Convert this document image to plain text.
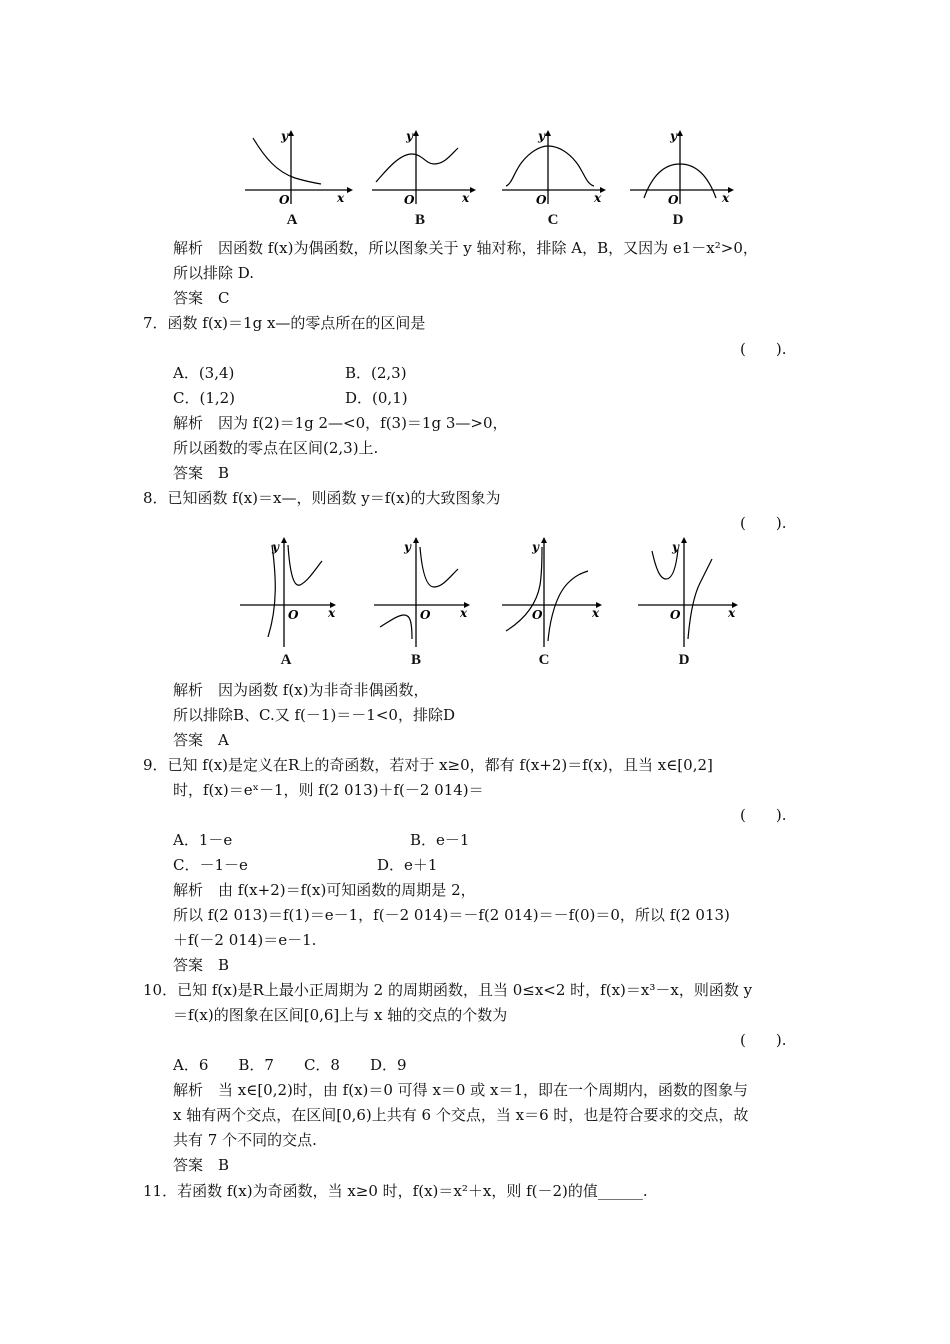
y
O	x
A
y
O	x
B
y
O	x
C
y
O	x
D
解析　因函数 f(x)为偶函数，所以图象关于 y 轴对称，排除 A，B，又因为 e1－x²>0，
所以排除 D.
答案　C
7．函数 f(x)＝1g x—的零点所在的区间是
(　　).
A．(3,4)	B．(2,3)
C．(1,2)	D．(0,1)
解析　因为 f(2)＝1g 2—<0，f(3)＝1g 3—>0，
所以函数的零点在区间(2,3)上.
答案　B
8．已知函数 f(x)＝x—，则函数 y＝f(x)的大致图象为
(　　).
y
O x
A
y
O x
B
y
O	x
C
y
O	x
D
解析　因为函数 f(x)为非奇非偶函数，
所以排除B、C.又 f(－1)＝－1<0，排除D
答案　A
9．已知 f(x)是定义在R上的奇函数，若对于 x≥0，都有 f(x+2)＝f(x)，且当 x∈[0,2]
时，f(x)＝eˣ－1，则 f(2 013)＋f(－2 014)＝
(　　).
A．1－e	B．e－1
C．－1－e	D．e＋1
解析　由 f(x+2)＝f(x)可知函数的周期是 2，
所以 f(2 013)＝f(1)＝e－1，f(－2 014)＝－f(2 014)＝－f(0)＝0，所以 f(2 013)
＋f(－2 014)＝e－1.
答案　B
10．已知 f(x)是R上最小正周期为 2 的周期函数，且当 0≤x<2 时，f(x)＝x³－x，则函数 y
＝f(x)的图象在区间[0,6]上与 x 轴的交点的个数为
(　　).
A．6　　B．7　　C．8　　D．9
解析　当 x∈[0,2)时，由 f(x)＝0 可得 x＝0 或 x＝1，即在一个周期内，函数的图象与
x 轴有两个交点，在区间[0,6)上共有 6 个交点，当 x＝6 时，也是符合要求的交点，故
共有 7 个不同的交点.
答案　B
11．若函数 f(x)为奇函数，当 x≥0 时，f(x)＝x²＋x，则 f(－2)的值______.
